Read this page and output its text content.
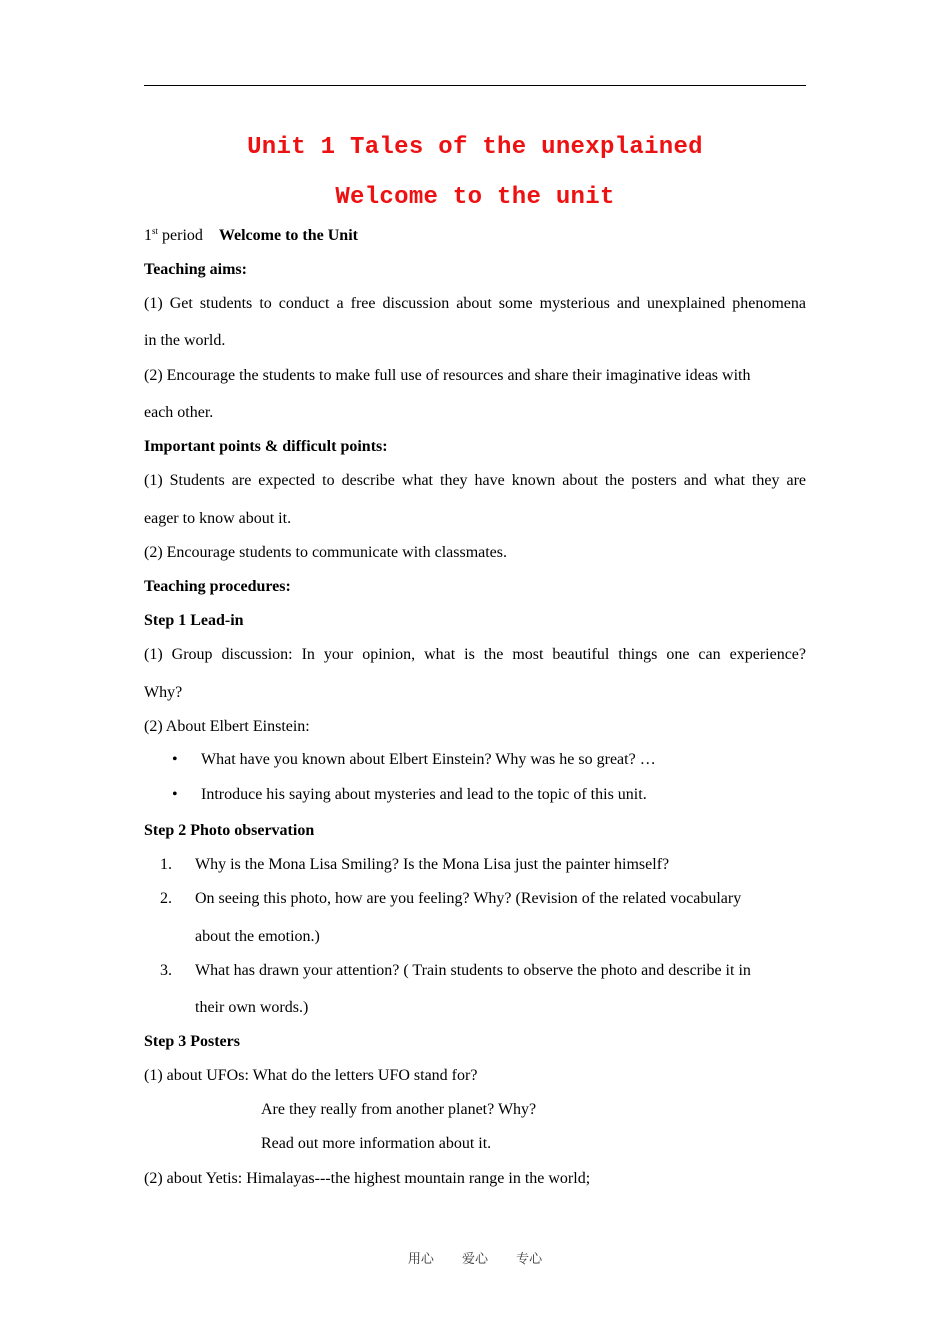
Unit 1 Tales of the unexplained
Welcome to the unit
1st period Welcome to the Unit
Teaching aims:
(1) Get students to conduct a free discussion about some mysterious and unexplained phenomena
in the world.
(2) Encourage the students to make full use of resources and share their imaginative ideas with
each other.
Important points & difficult points:
(1) Students are expected to describe what they have known about the posters and what they are
eager to know about it.
(2) Encourage students to communicate with classmates.
Teaching procedures:
Step 1 Lead-in
(1) Group discussion: In your opinion, what is the most beautiful things one can experience?
Why?
(2) About Elbert Einstein:
• What have you known about Elbert Einstein? Why was he so great? …
• Introduce his saying about mysteries and lead to the topic of this unit.
Step 2 Photo observation
1. Why is the Mona Lisa Smiling? Is the Mona Lisa just the painter himself?
2. On seeing this photo, how are you feeling? Why? (Revision of the related vocabulary
about the emotion.)
3. What has drawn your attention? ( Train students to observe the photo and describe it in
their own words.)
Step 3 Posters
(1) about UFOs: What do the letters UFO stand for?
Are they really from another planet? Why?
Read out more information about it.
(2) about Yetis: Himalayas---the highest mountain range in the world;
用心 爱心 专心
